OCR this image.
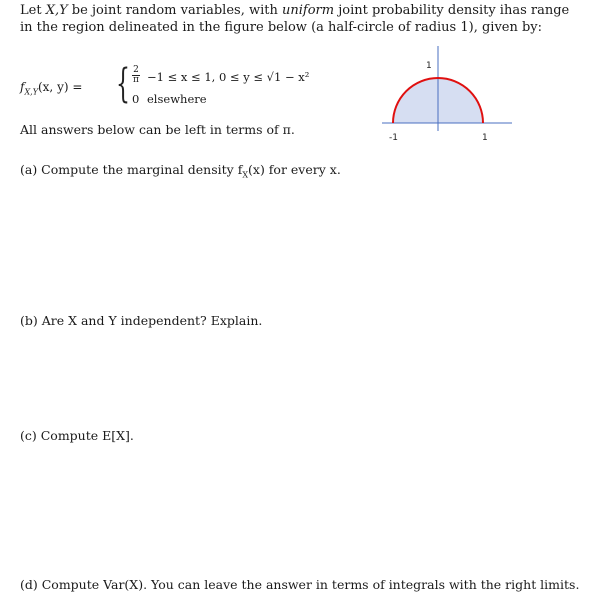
Let X,Y be joint random variables, with uniform joint probability density ihas range in the region delineated in the figure below (a half-circle of radius 1), given by:
$f_{X,Y}(x$, y) = { 2
π −1 ≤ x ≤ 1, 0 ≤ y ≤ √1 − x²
0 elsewhere
All answers below can be left in terms of π.
1
-1	1
(a) Compute the marginal density $f_X(x)$ for every x.
(b) Are X and Y independent? Explain.
(c) Compute E[X].
(d) Compute Var(X). You can leave the answer in terms of integrals with the right limits.
